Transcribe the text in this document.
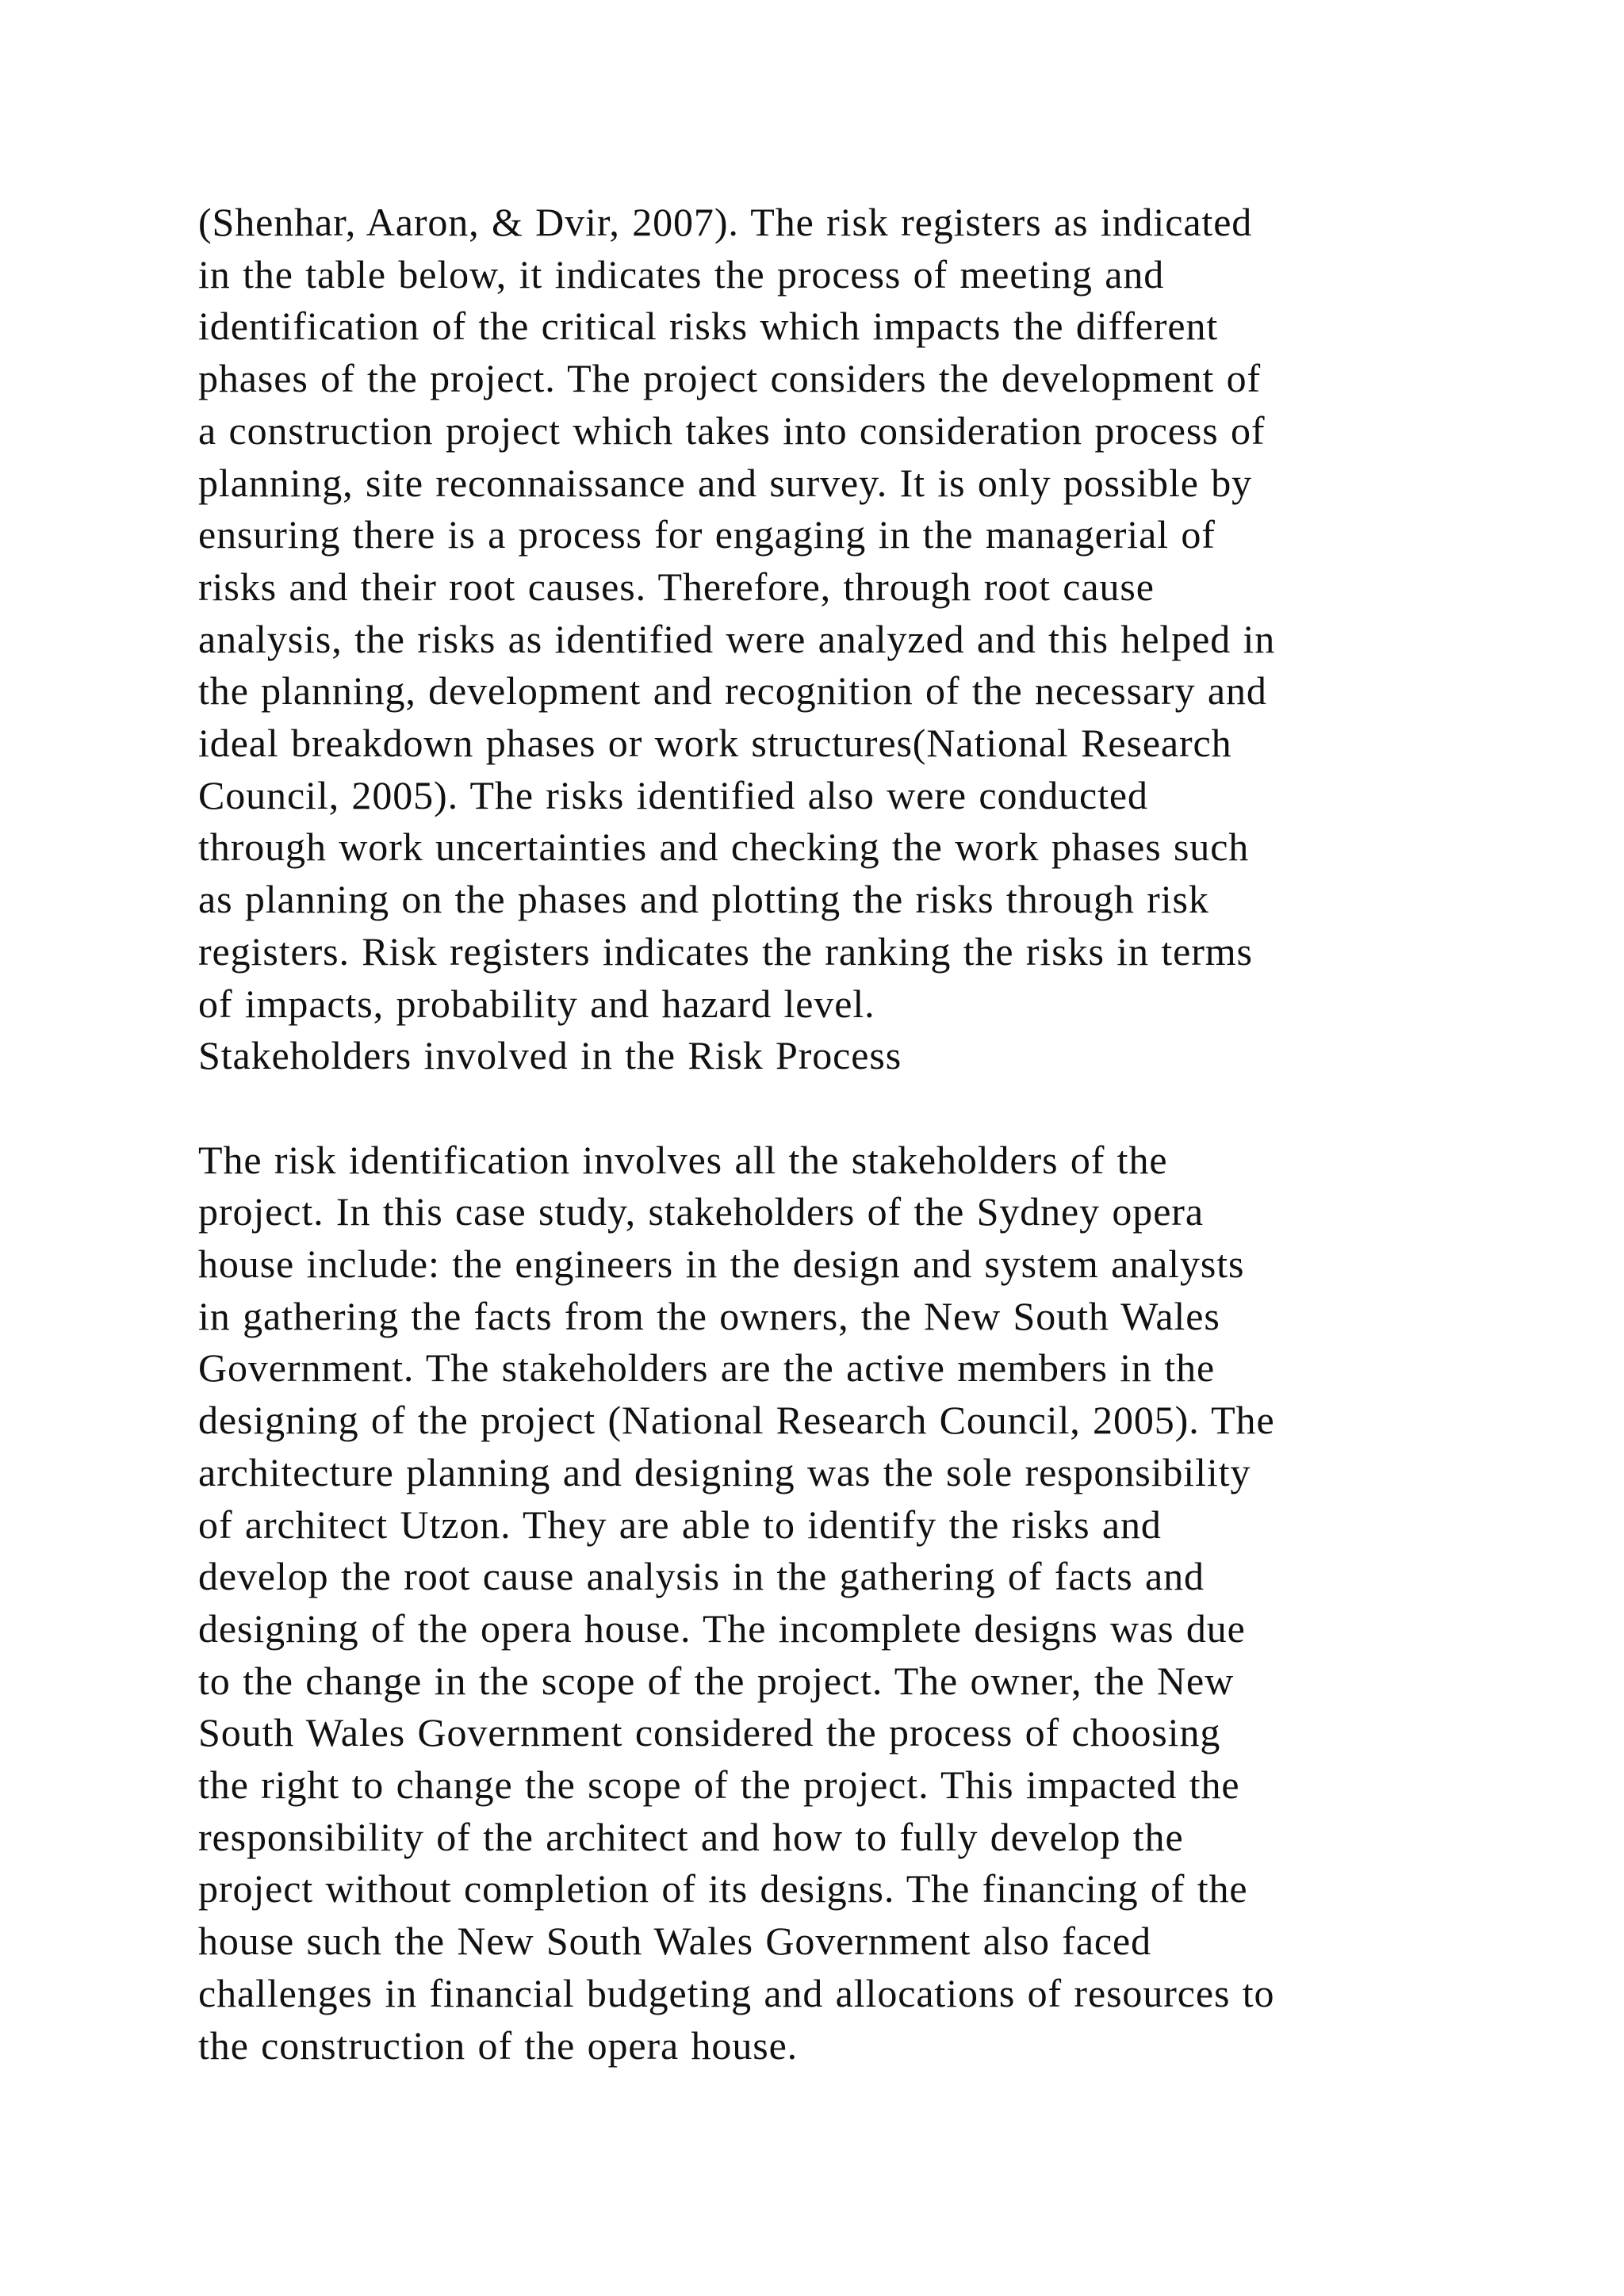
(Shenhar, Aaron, & Dvir, 2007). The risk registers as indicated
in the table below, it indicates the process of meeting and
identification of the critical risks which impacts the different
phases of the project. The project considers the development of
a construction project which takes into consideration process of
planning, site reconnaissance and survey. It is only possible by
ensuring there is a process for engaging in the managerial of
risks and their root causes. Therefore, through root cause
analysis, the risks as identified were analyzed and this helped in
the planning, development and recognition of the necessary and
ideal breakdown phases or work structures(National Research
Council, 2005). The risks identified also were conducted
through work uncertainties and checking the work phases such
as planning on the phases and plotting the risks through risk
registers. Risk registers indicates the ranking the risks in terms
of impacts, probability and hazard level.
Stakeholders involved in the Risk Process
The risk identification involves all the stakeholders of the
project. In this case study, stakeholders of the Sydney opera
house include: the engineers in the design and system analysts
in gathering the facts from the owners, the New South Wales
Government. The stakeholders are the active members in the
designing of the project (National Research Council, 2005). The
architecture planning and designing was the sole responsibility
of architect Utzon. They are able to identify the risks and
develop the root cause analysis in the gathering of facts and
designing of the opera house. The incomplete designs was due
to the change in the scope of the project. The owner, the New
South Wales Government considered the process of choosing
the right to change the scope of the project. This impacted the
responsibility of the architect and how to fully develop the
project without completion of its designs. The financing of the
house such the New South Wales Government also faced
challenges in financial budgeting and allocations of resources to
the construction of the opera house.
